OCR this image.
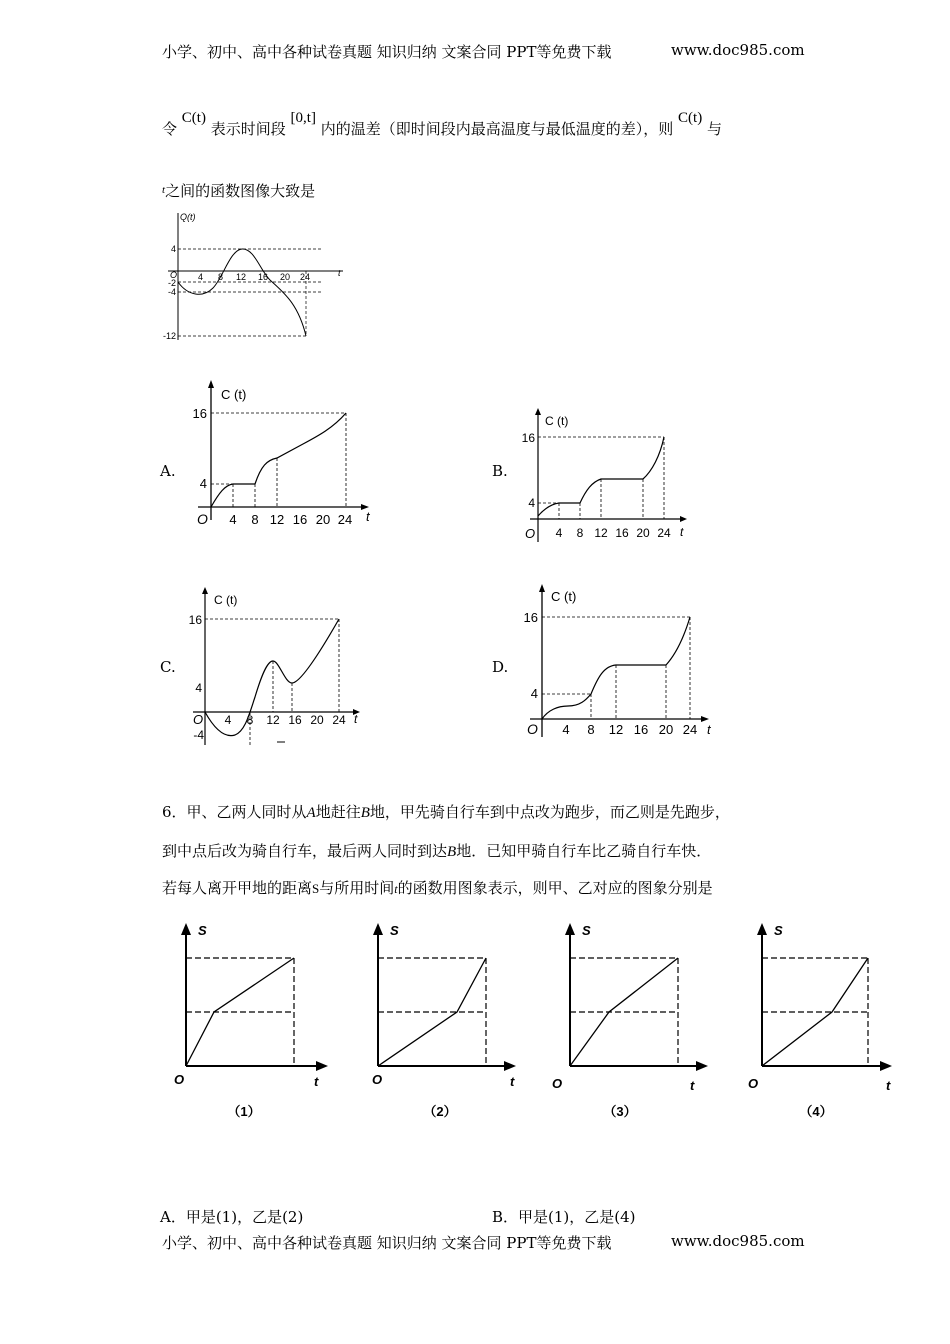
小学、初中、高中各种试卷真题 知识归纳 文案合同 PPT等免费下载	www.doc985.com
令 C(t) 表示时间段 [0,t] 内的温差（即时间段内最高温度与最低温度的差），则 C(t) 与
$^t$之间的函数图像大致是
Q(t)
t
O 4 8 12 16 20 24
4
-2
-4
-12
A.
C (t)
t
O
16
4
4 8 12 16 20 24
B.
C (t)
t
O
16
4
4 8 12 16 20 24
C.
C (t)
t
O
16
4
-4
4 8 12 16 20 24
D.
C (t)
t
O
16
4
4 8 12 16 20 24
6．甲、乙两人同时从A地赶往B地，甲先骑自行车到中点改为跑步，而乙则是先跑步，
到中点后改为骑自行车，最后两人同时到达B地．已知甲骑自行车比乙骑自行车快．
若每人离开甲地的距离S与所用时间t的函数用图象表示，则甲、乙对应的图象分别是
S
t
O
（1）
S
t
O
（2）
S
t
O
（3）
S
t
O
（4）
A．甲是(1)，乙是(2)	B．甲是(1)，乙是(4)
小学、初中、高中各种试卷真题 知识归纳 文案合同 PPT等免费下载	www.doc985.com
